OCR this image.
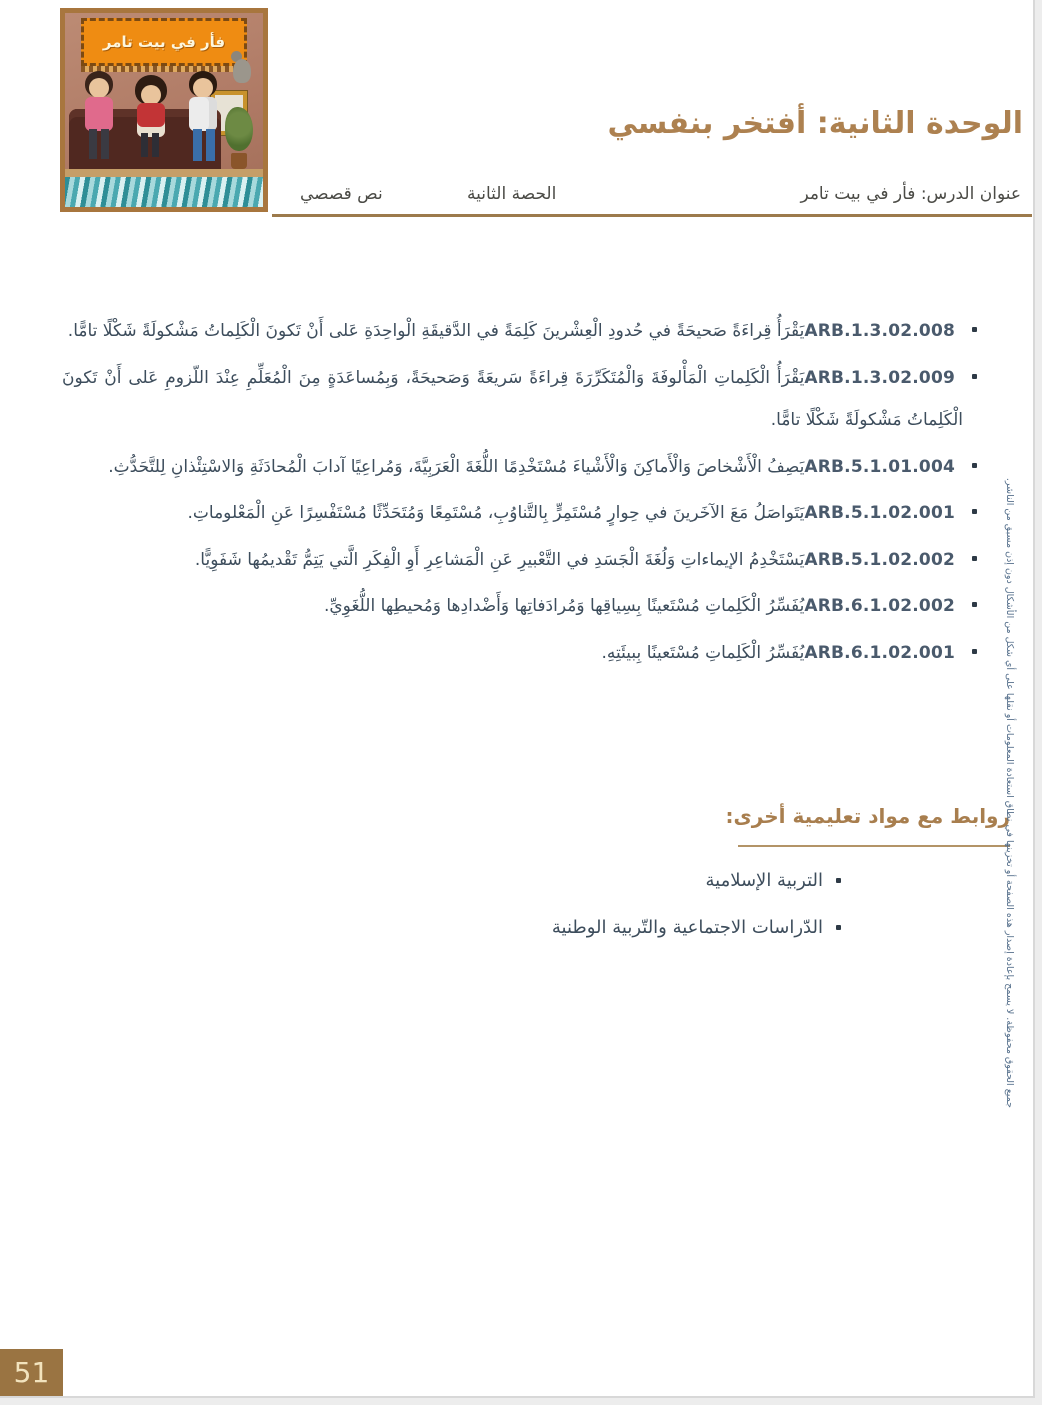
فأر في بيت تامر
الوحدة الثانية: أفتخر بنفسي
عنوان الدرس: فأر في بيت تامر
الحصة الثانية
نص قصصي
ARB.1.3.02.008يَقْرَأُ قِراءَةً صَحيحَةً في حُدودِ الْعِشْرينَ كَلِمَةً في الدَّقيقَةِ الْواحِدَةِ عَلى أَنْ تَكونَ الْكَلِماتُ مَشْكولَةً شَكْلًا تامًّا.
ARB.1.3.02.009يَقْرَأُ الْكَلِماتِ الْمَأْلوفَةَ وَالْمُتَكَرِّرَةَ قِراءَةً سَريعَةً وَصَحيحَةً، وَبِمُساعَدَةٍ مِنَ الْمُعَلِّمِ عِنْدَ اللّزومِ عَلى أَنْ تَكونَ الْكَلِماتُ مَشْكولَةً شَكْلًا تامًّا.
ARB.5.1.01.004يَصِفُ الْأَشْخاصَ وَالْأَماكِنَ وَالْأَشْياءَ مُسْتَخْدِمًا اللُّغَةَ الْعَرَبِيَّةَ، وَمُراعِيًا آدابَ الْمُحادَثَةِ وَالاسْتِئْذانِ لِلتَّحَدُّثِ.
ARB.5.1.02.001يَتَواصَلُ مَعَ الآخَرينَ في حِوارٍ مُسْتَمِرٍّ بِالتَّناوُبِ، مُسْتَمِعًا وَمُتَحَدِّثًا مُسْتَفْسِرًا عَنِ الْمَعْلوماتِ.
ARB.5.1.02.002يَسْتَخْدِمُ الإيماءاتِ وَلُغَةَ الْجَسَدِ في التَّعْبيرِ عَنِ الْمَشاعِرِ أَوِ الْفِكَرِ الَّتي يَتِمُّ تَقْديمُها شَفَوِيًّا.
ARB.6.1.02.002يُفَسِّرُ الْكَلِماتِ مُسْتَعينًا بِسِياقِها وَمُرادَفاتِها وَأَضْدادِها وَمُحيطِها اللُّغَوِيِّ.
ARB.6.1.02.001يُفَسِّرُ الْكَلِماتِ مُسْتَعينًا بِبيئَتِهِ.
روابط مع مواد تعليمية أخرى:
التربية الإسلامية
الدّراسات الاجتماعية والتّربية الوطنية	جميع الحقوق محفوظة. لا يسمح بإعادة إصدار هذه الصفحة أو تخزينها في نطاق استعادة المعلومات أو نقلها على أي شكل من الأشكال دون إذن مسبق من الناشر.
51
